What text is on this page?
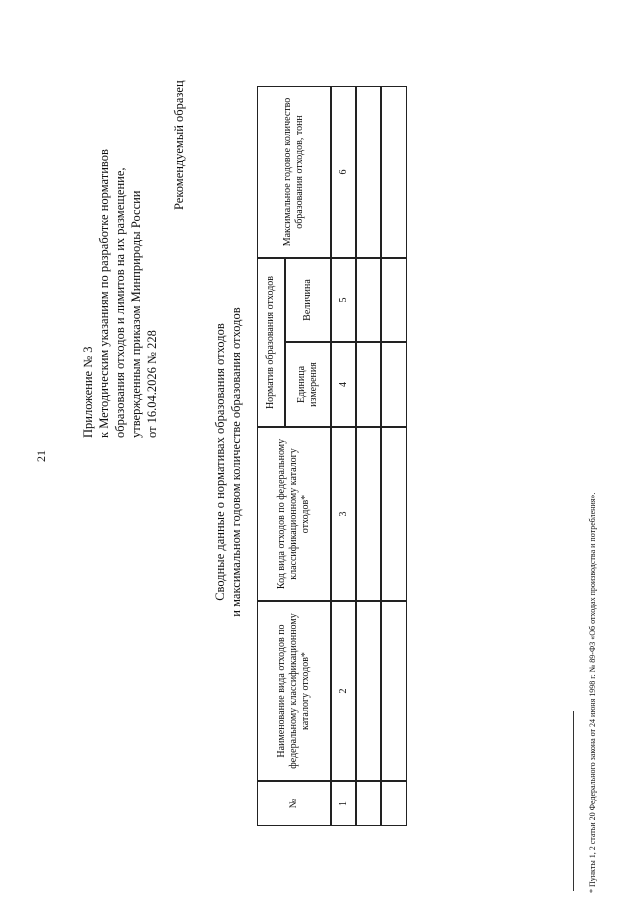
21
Приложение № 3 к Методическим указаниям по разработке нормативов образования отходов и лимитов на их размещение, утвержденным приказом Минприроды России от 16.04.2026 № 228
Рекомендуемый образец
Сводные данные о нормативах образования отходов и максимальном годовом количестве образования отходов
№
Наименование вида отходов по федеральному классификационному каталогу отходов*
Код вида отходов по федеральному классификационному каталогу отходов*
Норматив образования отходов	Единица измерения
Величина
Максимальное годовое количество образования отходов, тонн
1
2
3
4
5
6
* Пункты 1, 2 статьи 20 Федерального закона от 24 июня 1998 г. № 89-ФЗ «Об отходах производства и потребления».
